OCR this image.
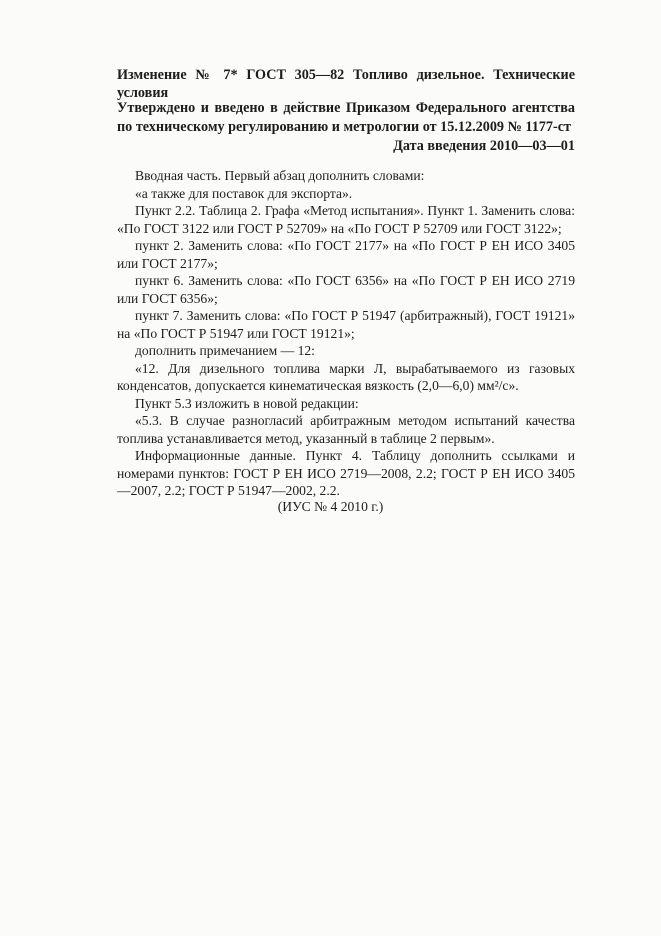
Изменение № 7* ГОСТ 305—82 Топливо дизельное. Технические условия

Утверждено и введено в действие Приказом Федерального агентства по техническому регулированию и метрологии от 15.12.2009 № 1177-ст

Дата введения 2010—03—01

Вводная часть. Первый абзац дополнить словами:

«а также для поставок для экспорта».

Пункт 2.2. Таблица 2. Графа «Метод испытания». Пункт 1. Заменить слова: «По ГОСТ 3122 или ГОСТ Р 52709» на «По ГОСТ Р 52709 или ГОСТ 3122»;

пункт 2. Заменить слова: «По ГОСТ 2177» на «По ГОСТ Р ЕН ИСО 3405 или ГОСТ 2177»;

пункт 6. Заменить слова: «По ГОСТ 6356» на «По ГОСТ Р ЕН ИСО 2719 или ГОСТ 6356»;

пункт 7. Заменить слова: «По ГОСТ Р 51947 (арбитражный), ГОСТ 19121» на «По ГОСТ Р 51947 или ГОСТ 19121»;

дополнить примечанием — 12:

«12. Для дизельного топлива марки Л, вырабатываемого из газовых конденсатов, допускается кинематическая вязкость (2,0—6,0) мм²/с».

Пункт 5.3 изложить в новой редакции:

«5.3. В случае разногласий арбитражным методом испытаний качества топлива устанавливается метод, указанный в таблице 2 первым».

Информационные данные. Пункт 4. Таблицу дополнить ссылками и номерами пунктов: ГОСТ Р ЕН ИСО 2719—2008, 2.2; ГОСТ Р ЕН ИСО 3405—2007, 2.2; ГОСТ Р 51947—2002, 2.2.

(ИУС № 4 2010 г.)
